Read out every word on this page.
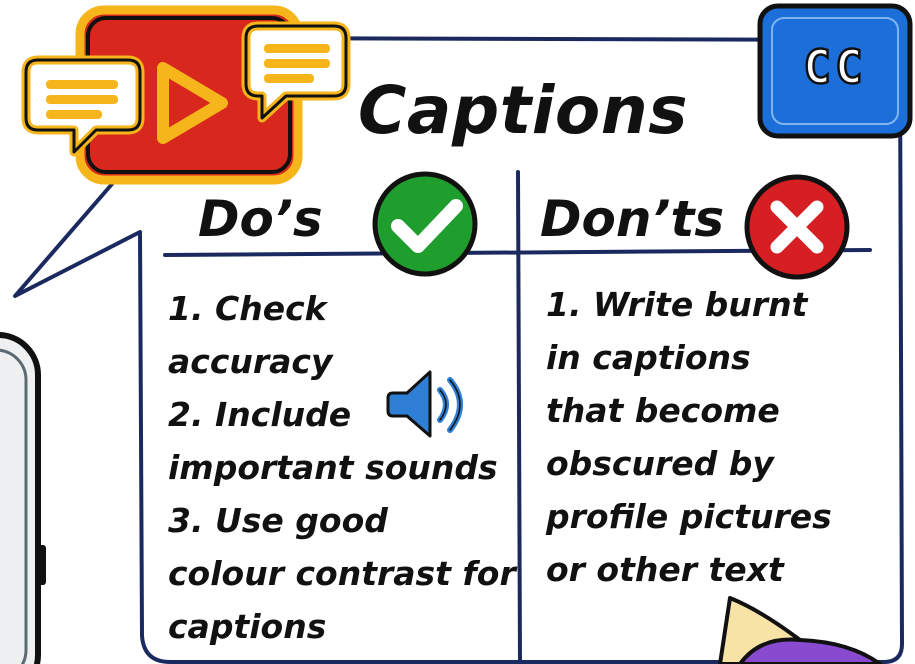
CC
Captions
Do’s	Don’ts
1. Check
accuracy
2. Include
important sounds
3. Use good
colour contrast for
captions
1. Write burnt
in captions
that become
obscured by
profile pictures
or other text
